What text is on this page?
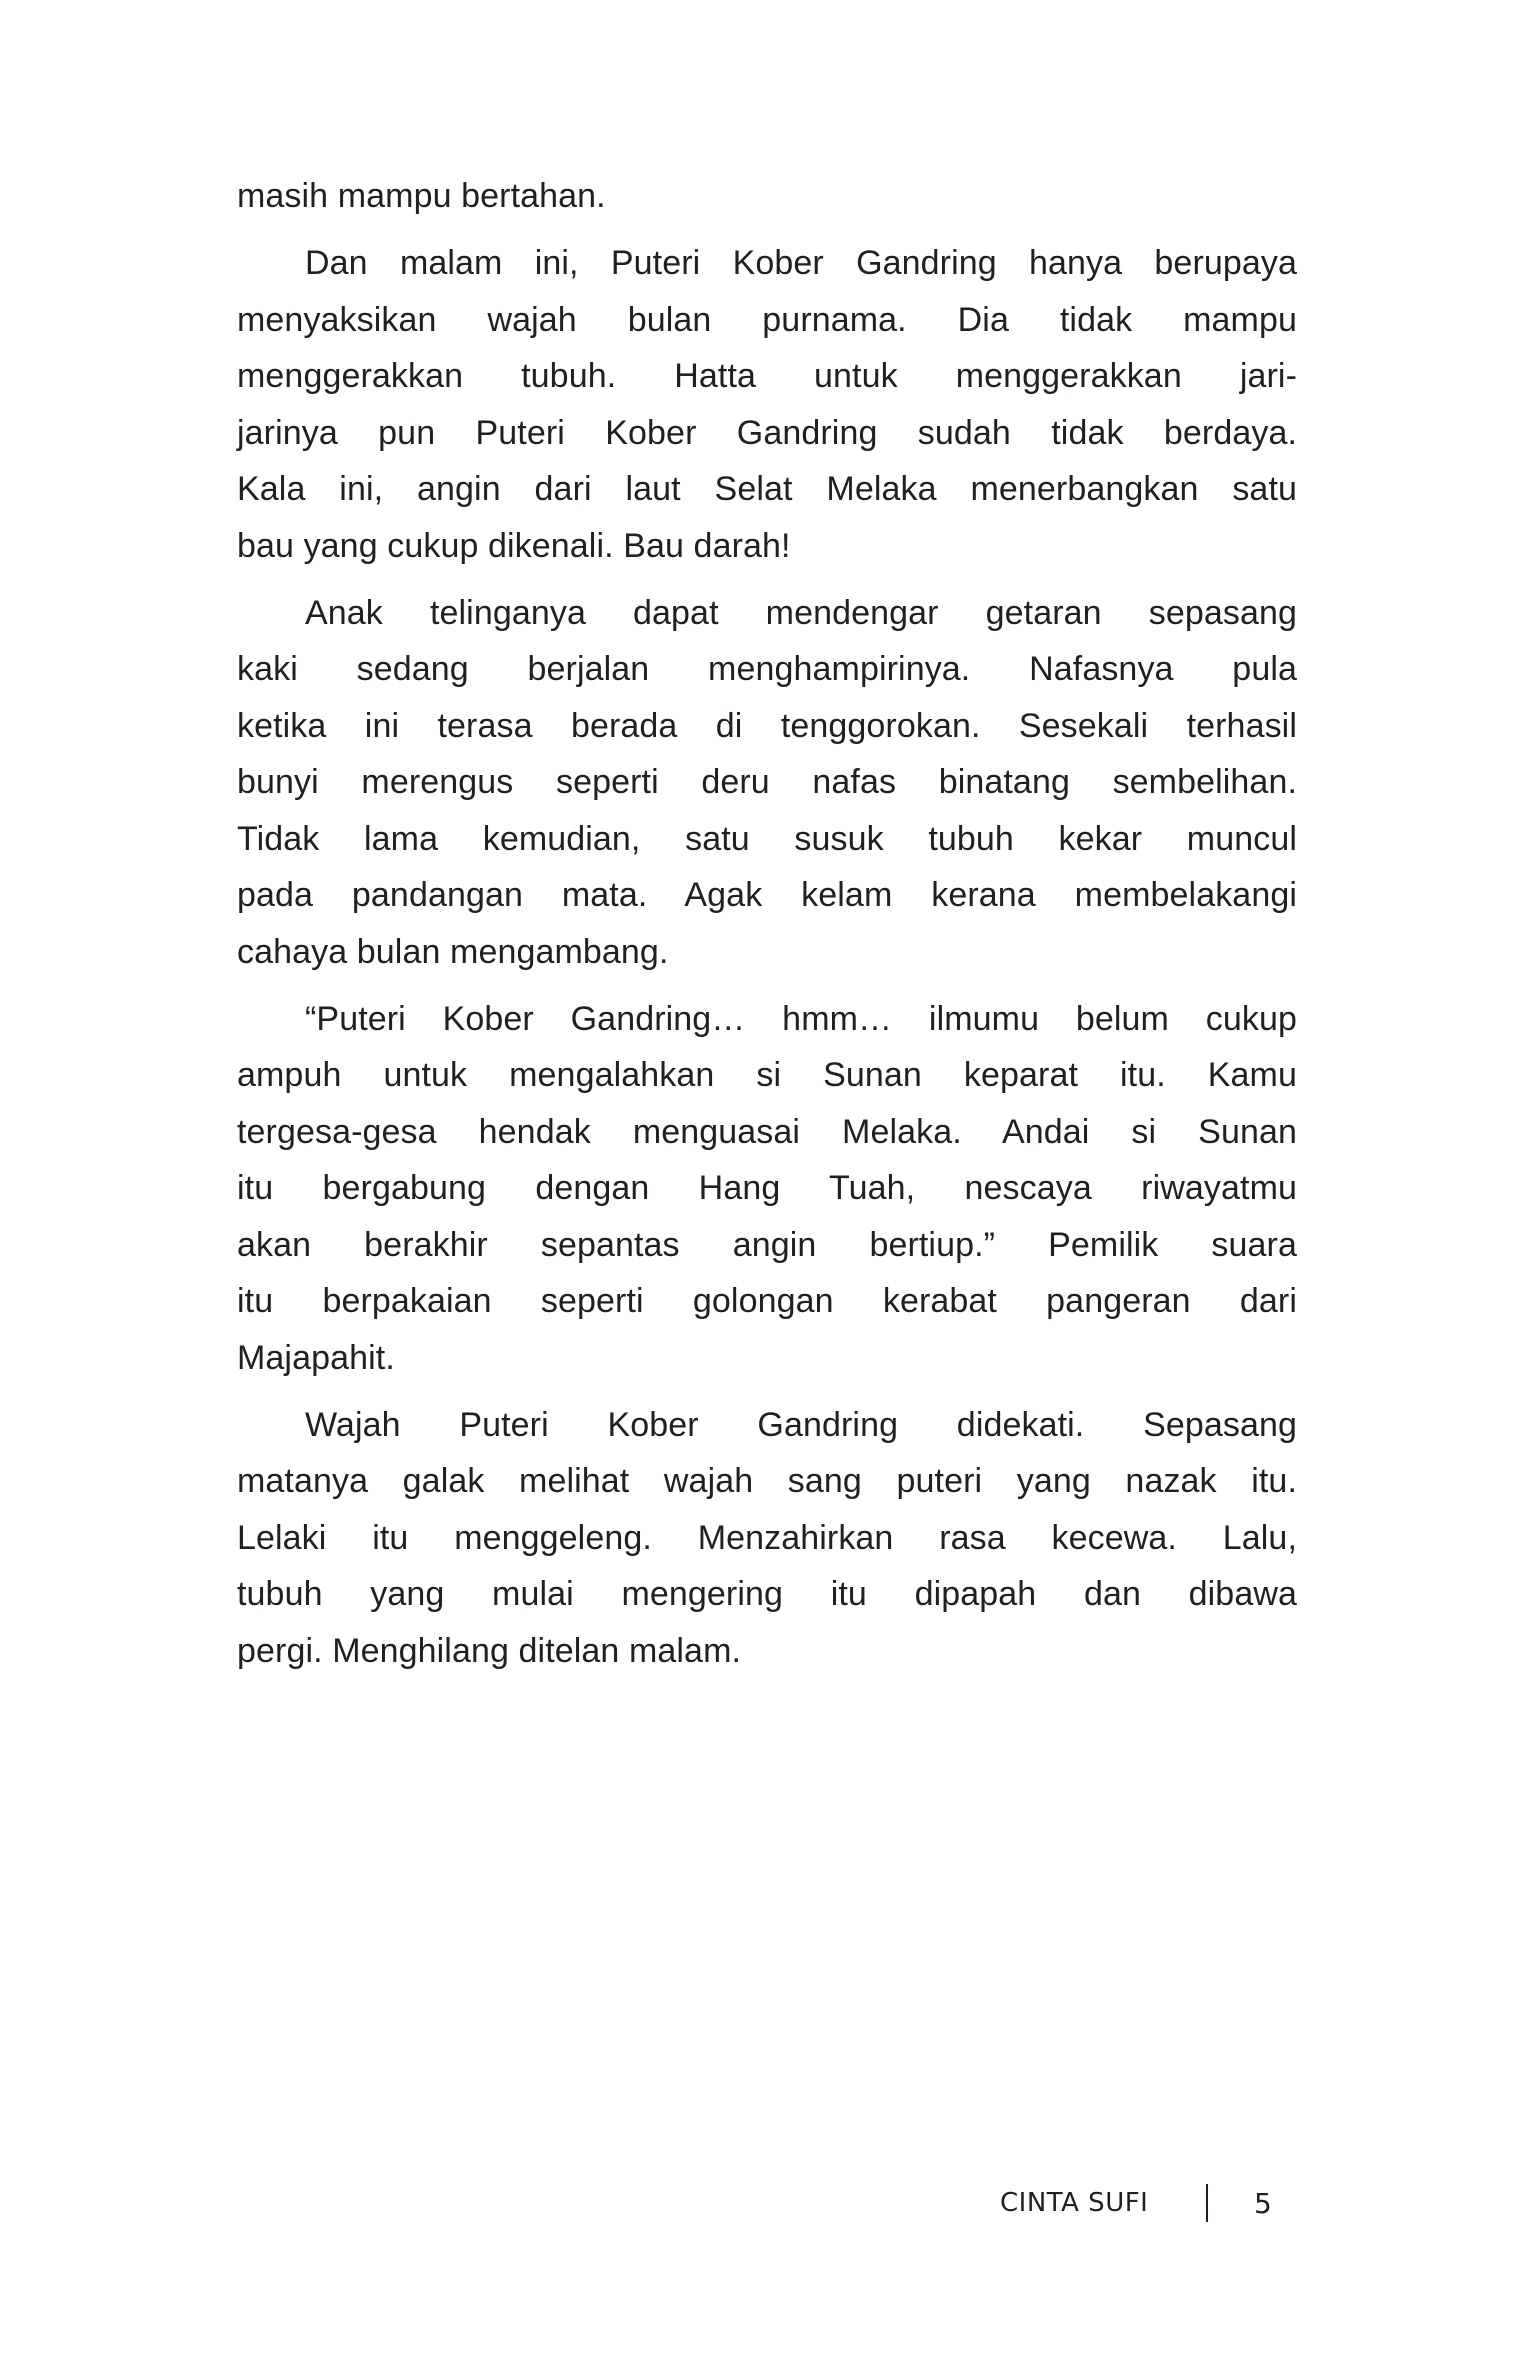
masih mampu bertahan.
Dan malam ini, Puteri Kober Gandring hanya berupaya
menyaksikan wajah bulan purnama. Dia tidak mampu
menggerakkan tubuh. Hatta untuk menggerakkan jari-
jarinya pun Puteri Kober Gandring sudah tidak berdaya.
Kala ini, angin dari laut Selat Melaka menerbangkan satu
bau yang cukup dikenali. Bau darah!
Anak telinganya dapat mendengar getaran sepasang
kaki sedang berjalan menghampirinya. Nafasnya pula
ketika ini terasa berada di tenggorokan. Sesekali terhasil
bunyi merengus seperti deru nafas binatang sembelihan.
Tidak lama kemudian, satu susuk tubuh kekar muncul
pada pandangan mata. Agak kelam kerana membelakangi
cahaya bulan mengambang.
“Puteri Kober Gandring… hmm… ilmumu belum cukup
ampuh untuk mengalahkan si Sunan keparat itu. Kamu
tergesa-gesa hendak menguasai Melaka. Andai si Sunan
itu bergabung dengan Hang Tuah, nescaya riwayatmu
akan berakhir sepantas angin bertiup.” Pemilik suara
itu berpakaian seperti golongan kerabat pangeran dari
Majapahit.
Wajah Puteri Kober Gandring didekati. Sepasang
matanya galak melihat wajah sang puteri yang nazak itu.
Lelaki itu menggeleng. Menzahirkan rasa kecewa. Lalu,
tubuh yang mulai mengering itu dipapah dan dibawa
pergi. Menghilang ditelan malam.
CINTA SUFI	5
